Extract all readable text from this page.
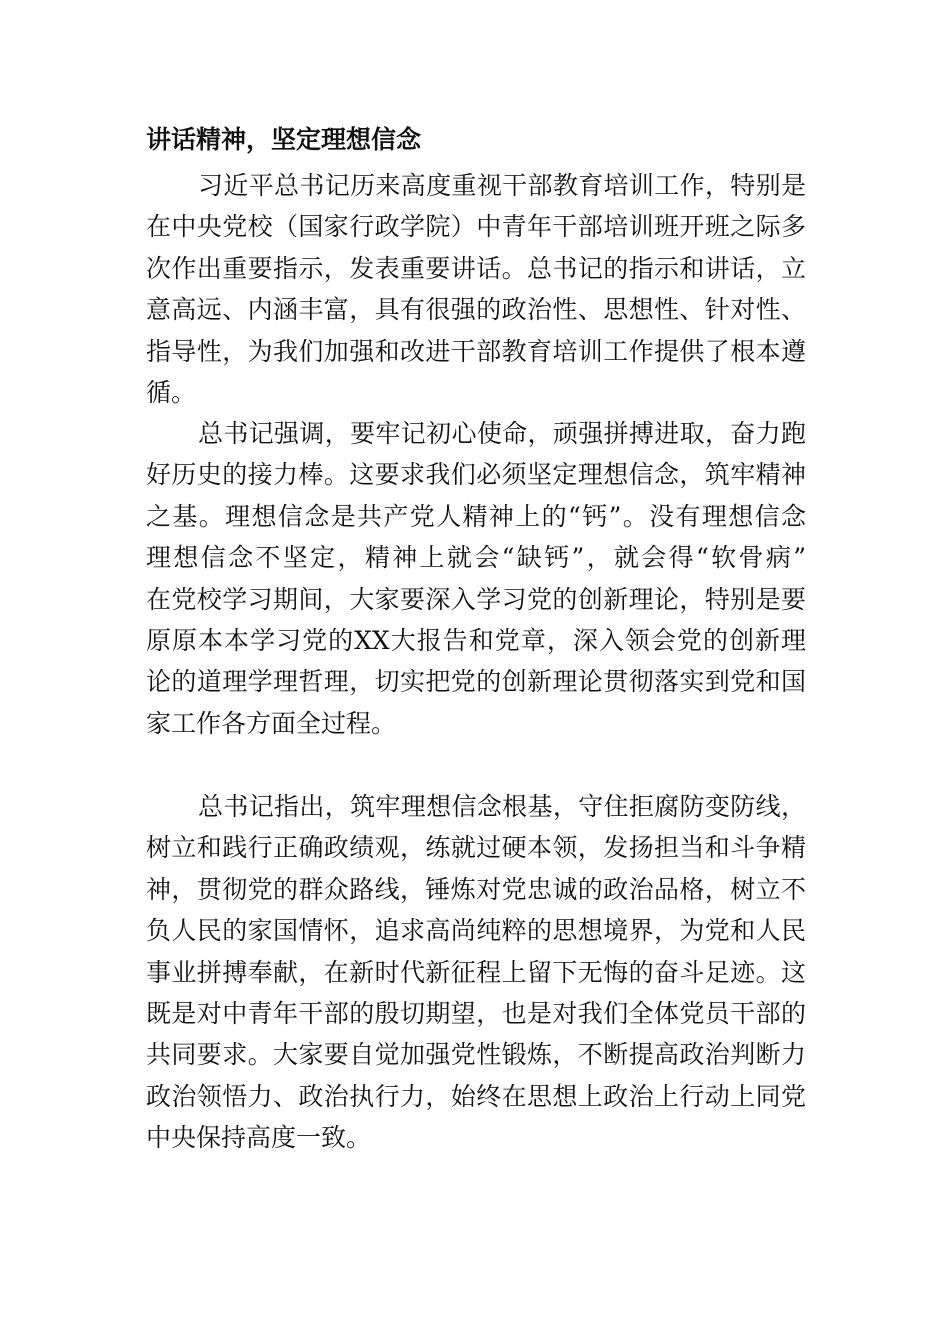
讲话精神，坚定理想信念

习近平总书记历来高度重视干部教育培训工作，特别是
在中央党校（国家行政学院）中青年干部培训班开班之际多
次作出重要指示，发表重要讲话。总书记的指示和讲话，立
意高远、内涵丰富，具有很强的政治性、思想性、针对性、
指导性，为我们加强和改进干部教育培训工作提供了根本遵
循。

总书记强调，要牢记初心使命，顽强拼搏进取，奋力跑
好历史的接力棒。这要求我们必须坚定理想信念，筑牢精神
之基。理想信念是共产党人精神上的“钙”。没有理想信念
理想信念不坚定，精神上就会“缺钙”，就会得“软骨病”
在党校学习期间，大家要深入学习党的创新理论，特别是要
原原本本学习党的XX大报告和党章，深入领会党的创新理
论的道理学理哲理，切实把党的创新理论贯彻落实到党和国
家工作各方面全过程。

总书记指出，筑牢理想信念根基，守住拒腐防变防线，
树立和践行正确政绩观，练就过硬本领，发扬担当和斗争精
神，贯彻党的群众路线，锤炼对党忠诚的政治品格，树立不
负人民的家国情怀，追求高尚纯粹的思想境界，为党和人民
事业拼搏奉献，在新时代新征程上留下无悔的奋斗足迹。这
既是对中青年干部的殷切期望，也是对我们全体党员干部的
共同要求。大家要自觉加强党性锻炼，不断提高政治判断力
政治领悟力、政治执行力，始终在思想上政治上行动上同党
中央保持高度一致。
